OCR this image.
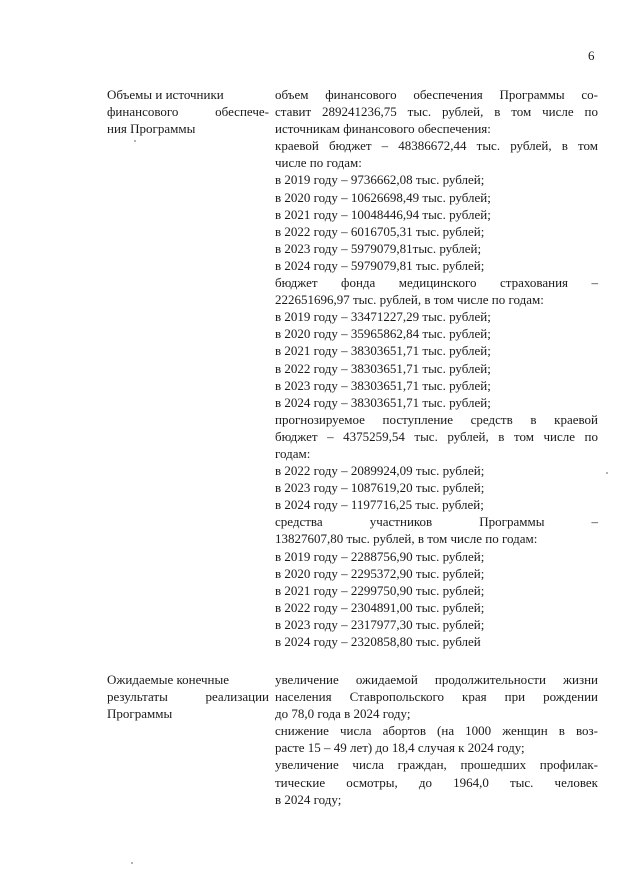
6
Объемы и источники
финансового обеспече-
ния Программы
объем финансового обеспечения Программы со-
ставит 289241236,75 тыс. рублей, в том числе по
источникам финансового обеспечения:
краевой бюджет – 48386672,44 тыс. рублей, в том
числе по годам:
в 2019 году – 9736662,08 тыс. рублей;
в 2020 году – 10626698,49 тыс. рублей;
в 2021 году – 10048446,94 тыс. рублей;
в 2022 году – 6016705,31 тыс. рублей;
в 2023 году – 5979079,81тыс. рублей;
в 2024 году – 5979079,81 тыс. рублей;
бюджет фонда медицинского страхования –
222651696,97 тыс. рублей, в том числе по годам:
в 2019 году – 33471227,29 тыс. рублей;
в 2020 году – 35965862,84 тыс. рублей;
в 2021 году – 38303651,71 тыс. рублей;
в 2022 году – 38303651,71 тыс. рублей;
в 2023 году – 38303651,71 тыс. рублей;
в 2024 году – 38303651,71 тыс. рублей;
прогнозируемое поступление средств в краевой
бюджет – 4375259,54 тыс. рублей, в том числе по
годам:
в 2022 году – 2089924,09 тыс. рублей;
в 2023 году – 1087619,20 тыс. рублей;
в 2024 году – 1197716,25 тыс. рублей;
средства участников Программы –
13827607,80 тыс. рублей, в том числе по годам:
в 2019 году – 2288756,90 тыс. рублей;
в 2020 году – 2295372,90 тыс. рублей;
в 2021 году – 2299750,90 тыс. рублей;
в 2022 году – 2304891,00 тыс. рублей;
в 2023 году – 2317977,30 тыс. рублей;
в 2024 году – 2320858,80 тыс. рублей
Ожидаемые конечные
результаты реализации
Программы
увеличение ожидаемой продолжительности жизни
населения Ставропольского края при рождении
до 78,0 года в 2024 году;
снижение числа абортов (на 1000 женщин в воз-
расте 15 – 49 лет) до 18,4 случая к 2024 году;
увеличение числа граждан, прошедших профилак-
тические осмотры, до 1964,0 тыс. человек
в 2024 году;
